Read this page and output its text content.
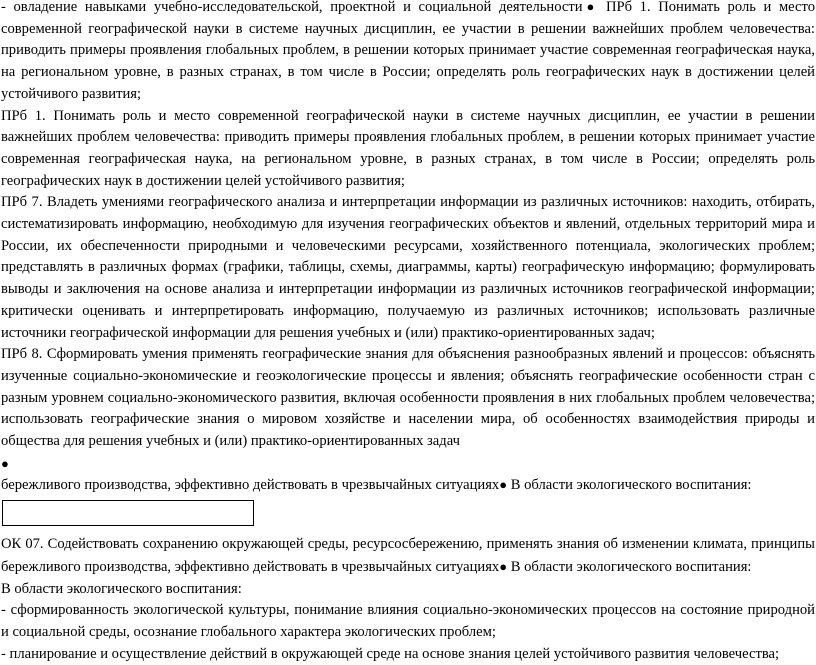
- овладение навыками учебно-исследовательской, проектной и социальной деятельности● ПРб 1. Понимать роль и место современной географической науки в системе научных дисциплин, ее участии в решении важнейших проблем человечества: приводить примеры проявления глобальных проблем, в решении которых принимает участие современная географическая наука, на региональном уровне, в разных странах, в том числе в России; определять роль географических наук в достижении целей устойчивого развития;

ПРб 1. Понимать роль и место современной географической науки в системе научных дисциплин, ее участии в решении важнейших проблем человечества: приводить примеры проявления глобальных проблем, в решении которых принимает участие современная географическая наука, на региональном уровне, в разных странах, в том числе в России; определять роль географических наук в достижении целей устойчивого развития;

ПРб 7. Владеть умениями географического анализа и интерпретации информации из различных источников: находить, отбирать, систематизировать информацию, необходимую для изучения географических объектов и явлений, отдельных территорий мира и России, их обеспеченности природными и человеческими ресурсами, хозяйственного потенциала, экологических проблем; представлять в различных формах (графики, таблицы, схемы, диаграммы, карты) географическую информацию; формулировать выводы и заключения на основе анализа и интерпретации информации из различных источников географической информации; критически оценивать и интерпретировать информацию, получаемую из различных источников; использовать различные источники географической информации для решения учебных и (или) практико-ориентированных задач;

ПРб 8. Сформировать умения применять географические знания для объяснения разнообразных явлений и процессов: объяснять изученные социально-экономические и геоэкологические процессы и явления; объяснять географические особенности стран с разным уровнем социально-экономического развития, включая особенности проявления в них глобальных проблем человечества; использовать географические знания о мировом хозяйстве и населении мира, об особенностях взаимодействия природы и общества для решения учебных и (или) практико-ориентированных задач

●

бережливого производства, эффективно действовать в чрезвычайных ситуациях● В области экологического воспитания:

ОК 07. Содействовать сохранению окружающей среды, ресурсосбережению, применять знания об изменении климата, принципы бережливого производства, эффективно действовать в чрезвычайных ситуациях● В области экологического воспитания:

В области экологического воспитания:

- сформированность экологической культуры, понимание влияния социально-экономических процессов на состояние природной и социальной среды, осознание глобального характера экологических проблем;

- планирование и осуществление действий в окружающей среде на основе знания целей устойчивого развития человечества;
